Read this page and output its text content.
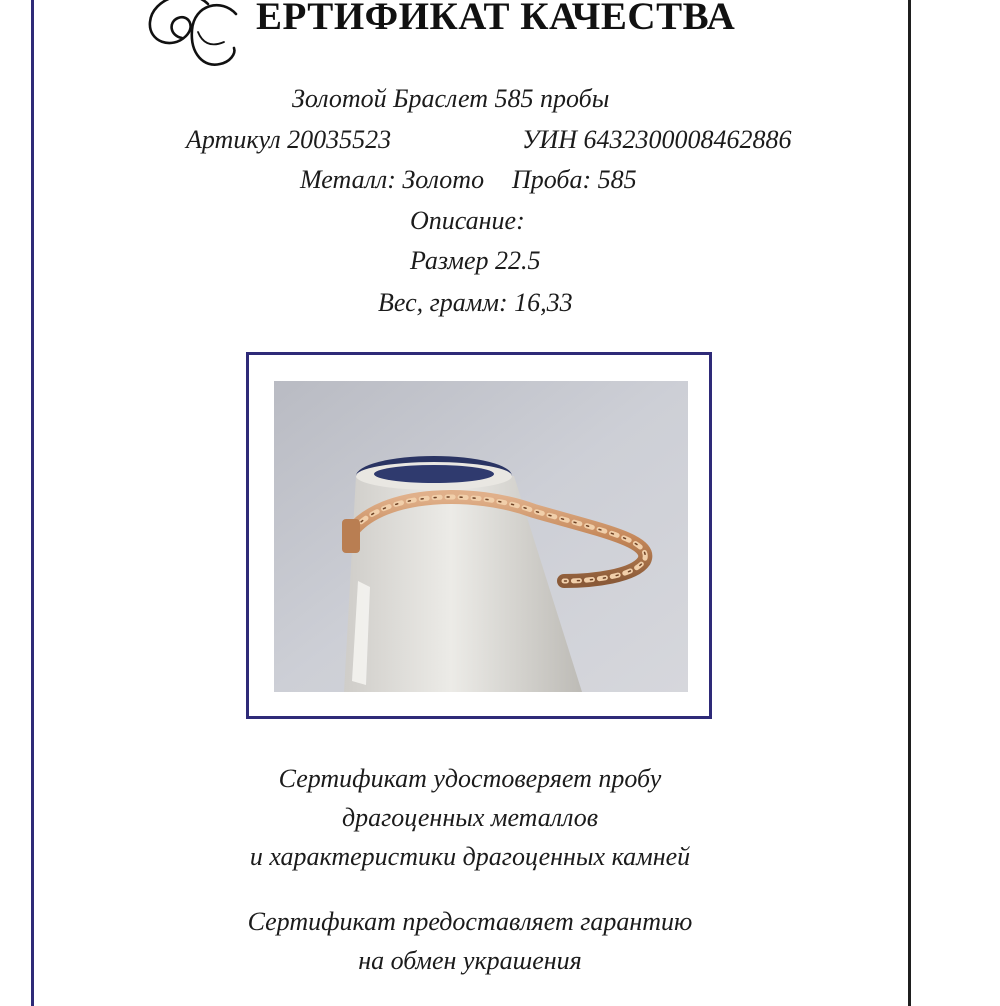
ЕРТИФИКАТ КАЧЕСТВА
Золотой Браслет 585 пробы
Артикул 20035523	УИН 6432300008462886
Металл: Золото Проба: 585
Описание:
Размер 22.5
Вес, грамм: 16,33
Сертификат удостоверяет пробу
драгоценных металлов
и характеристики драгоценных камней
Сертификат предоставляет гарантию
на обмен украшения
